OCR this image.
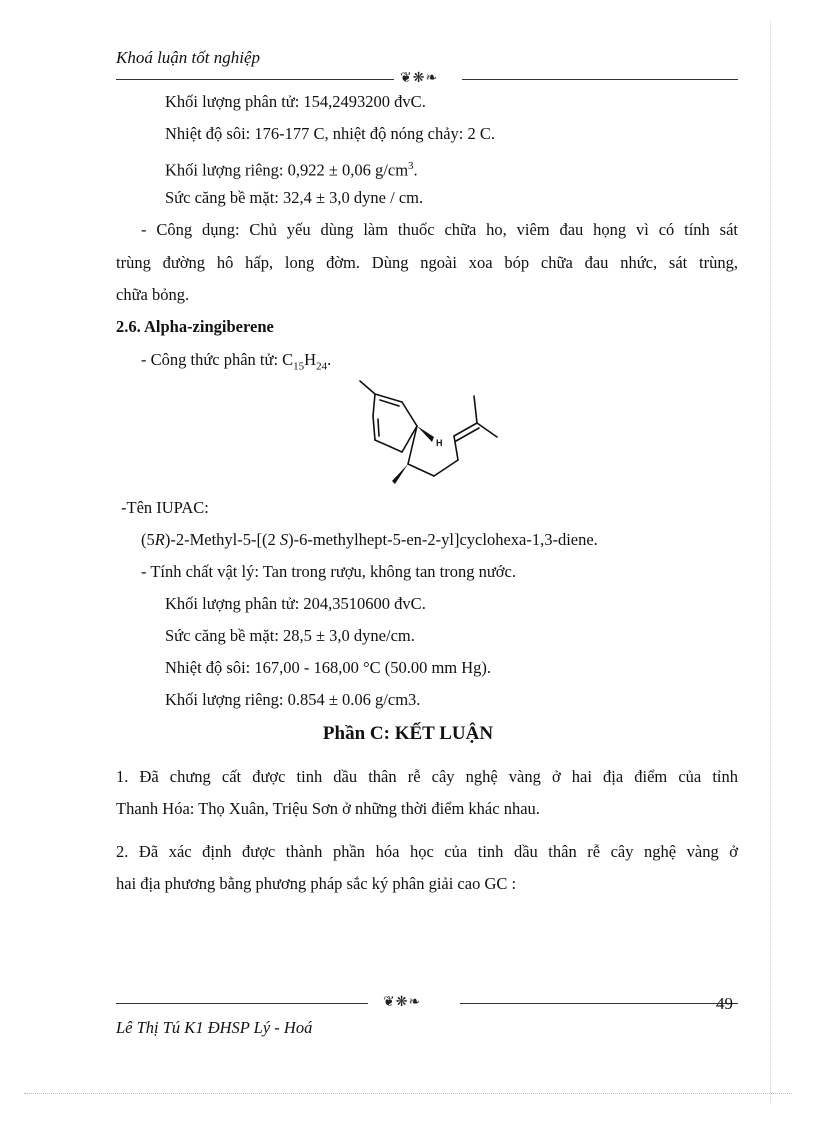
Khoá luận tốt nghiệp
❦❋❧
Khối lượng phân tử: 154,2493200 đvC.
Nhiệt độ sôi: 176-177 C, nhiệt độ nóng chảy: 2 C.
Khối lượng riêng: 0,922 ± 0,06 $g/cm^3$.
Sức căng bề mặt: 32,4 ± 3,0 dyne / cm.
- Công dụng: Chủ yếu dùng làm thuốc chữa ho, viêm đau họng vì có tính sát
trùng đường hô hấp, long đờm. Dùng ngoài xoa bóp chữa đau nhức, sát trùng,
chữa bỏng.
2.6. Alpha-zingiberene
- Công thức phân tử: $C_{15}H_{24}$.
H
-Tên IUPAC:
(5R)-2-Methyl-5-[(2 S)-6-methylhept-5-en-2-yl]cyclohexa-1,3-diene.
- Tính chất vật lý: Tan trong rượu, không tan trong nước.
Khối lượng phân tử: 204,3510600 đvC.
Sức căng bề mặt: 28,5 ± 3,0 dyne/cm.
Nhiệt độ sôi: 167,00 - 168,00 °C (50.00 mm Hg).
Khối lượng riêng: 0.854 ± 0.06 g/cm3.
Phần C: KẾT LUẬN
1. Đã chưng cất được tinh dầu thân rễ cây nghệ vàng ở hai địa điểm của tỉnh
Thanh Hóa: Thọ Xuân, Triệu Sơn ở những thời điểm khác nhau.
2. Đã xác định được thành phần hóa học của tinh dầu thân rễ cây nghệ vàng ở
hai địa phương bằng phương pháp sắc ký phân giải cao GC :
❦❋❧	49
Lê Thị Tú K1 ĐHSP Lý - Hoá
